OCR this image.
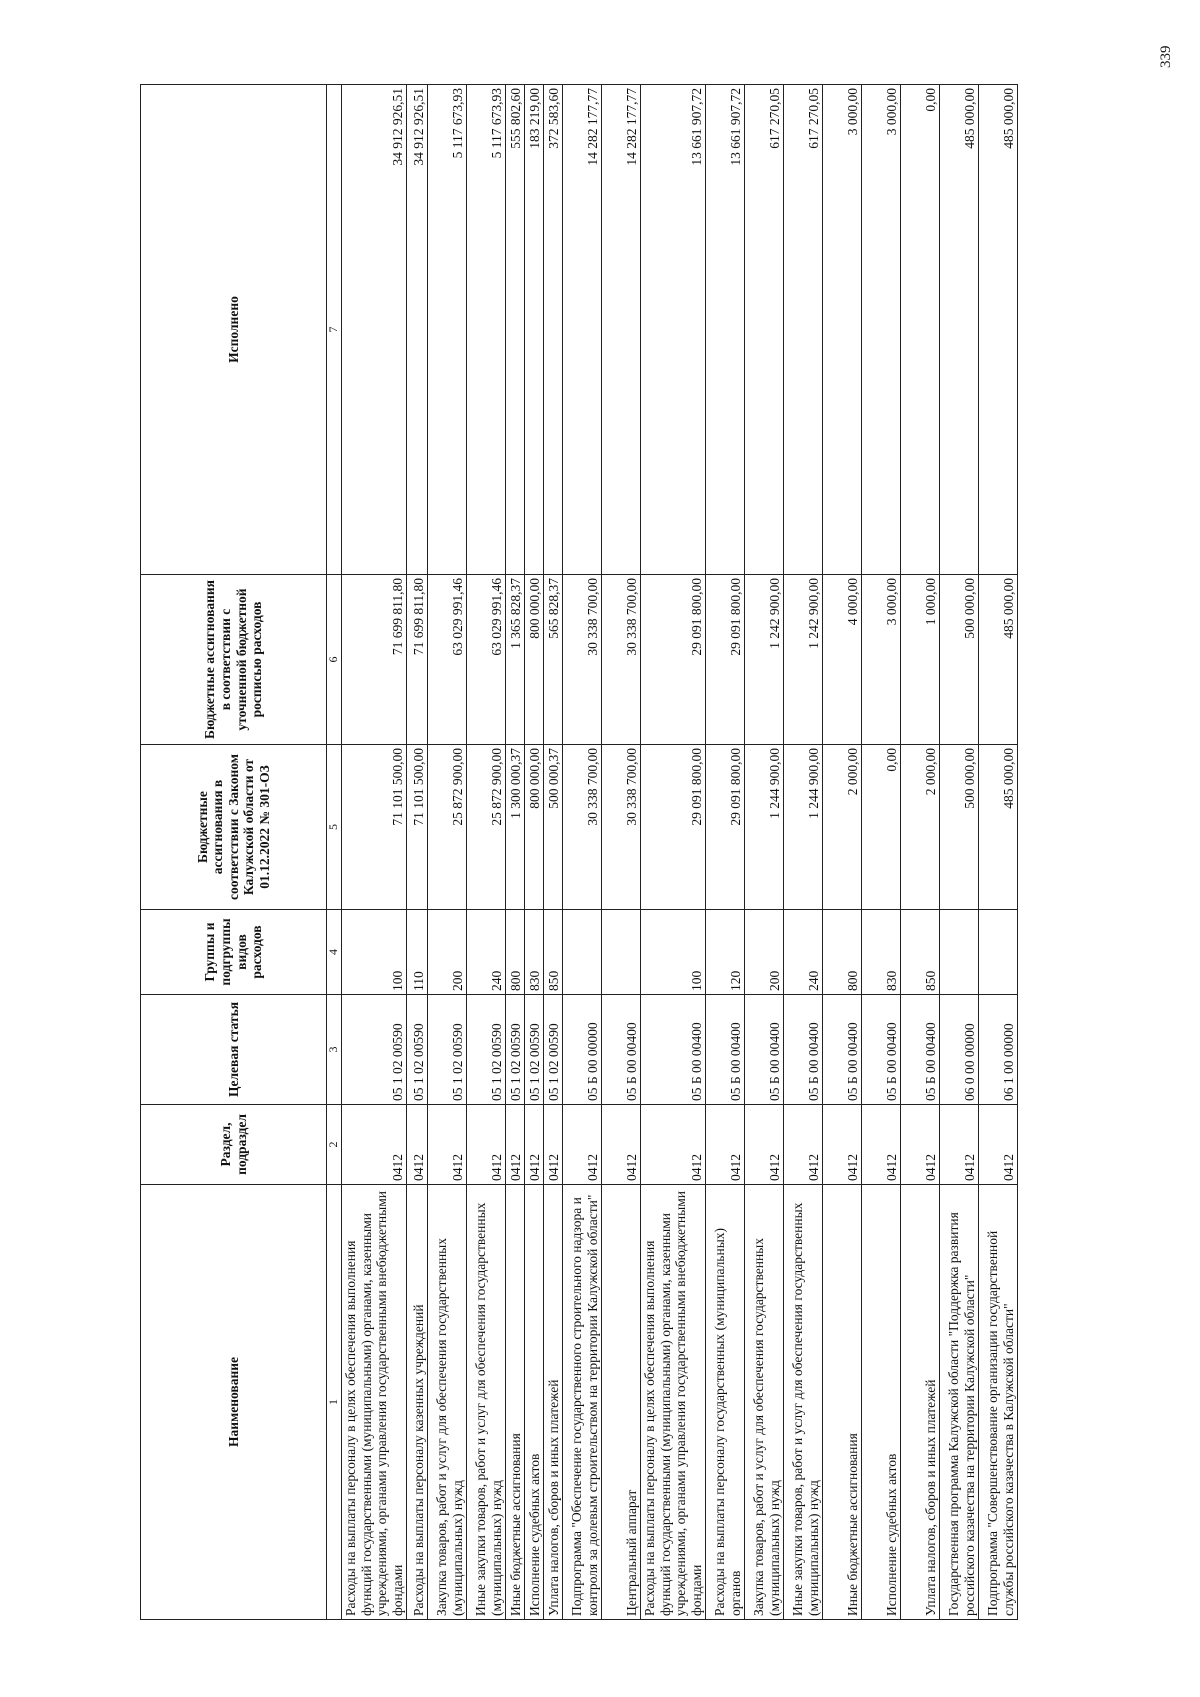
339
Наименование	Раздел, подраздел	Целевая статья	Группы и подгруппы видов расходов	Бюджетные ассигнования в соответствии с Законом Калужской области от 01.12.2022 № 301-ОЗ	Бюджетные ассигнования в соответствии с уточненной бюджетной росписью расходов	Исполнено
1	2	3	4	5	6	7
Расходы на выплаты персоналу в целях обеспечения выполнения функций государственными (муниципальными) органами, казенными учреждениями, органами управления государственными внебюджетными фондами	0412	05 1 02 00590	100	71 101 500,00	71 699 811,80	34 912 926,51
Расходы на выплаты персоналу казенных учреждений	0412	05 1 02 00590	110	71 101 500,00	71 699 811,80	34 912 926,51
Закупка товаров, работ и услуг для обеспечения государственных (муниципальных) нужд	0412	05 1 02 00590	200	25 872 900,00	63 029 991,46	5 117 673,93
Иные закупки товаров, работ и услуг для обеспечения государственных (муниципальных) нужд	0412	05 1 02 00590	240	25 872 900,00	63 029 991,46	5 117 673,93
Иные бюджетные ассигнования	0412	05 1 02 00590	800	1 300 000,37	1 365 828,37	555 802,60
Исполнение судебных актов	0412	05 1 02 00590	830	800 000,00	800 000,00	183 219,00
Уплата налогов, сборов и иных платежей	0412	05 1 02 00590	850	500 000,37	565 828,37	372 583,60
Подпрограмма "Обеспечение государственного строительного надзора и контроля за долевым строительством на территории Калужской области"	0412	05 Б 00 00000		30 338 700,00	30 338 700,00	14 282 177,77
Центральный аппарат	0412	05 Б 00 00400		30 338 700,00	30 338 700,00	14 282 177,77
Расходы на выплаты персоналу в целях обеспечения выполнения функций государственными (муниципальными) органами, казенными учреждениями, органами управления государственными внебюджетными фондами	0412	05 Б 00 00400	100	29 091 800,00	29 091 800,00	13 661 907,72
Расходы на выплаты персоналу государственных (муниципальных) органов	0412	05 Б 00 00400	120	29 091 800,00	29 091 800,00	13 661 907,72
Закупка товаров, работ и услуг для обеспечения государственных (муниципальных) нужд	0412	05 Б 00 00400	200	1 244 900,00	1 242 900,00	617 270,05
Иные закупки товаров, работ и услуг для обеспечения государственных (муниципальных) нужд	0412	05 Б 00 00400	240	1 244 900,00	1 242 900,00	617 270,05
Иные бюджетные ассигнования	0412	05 Б 00 00400	800	2 000,00	4 000,00	3 000,00
Исполнение судебных актов	0412	05 Б 00 00400	830	0,00	3 000,00	3 000,00
Уплата налогов, сборов и иных платежей	0412	05 Б 00 00400	850	2 000,00	1 000,00	0,00
Государственная программа Калужской области "Поддержка развития российского казачества на территории Калужской области"	0412	06 0 00 00000		500 000,00	500 000,00	485 000,00
Подпрограмма "Совершенствование организации государственной службы российского казачества в Калужской области"	0412	06 1 00 00000		485 000,00	485 000,00	485 000,00
